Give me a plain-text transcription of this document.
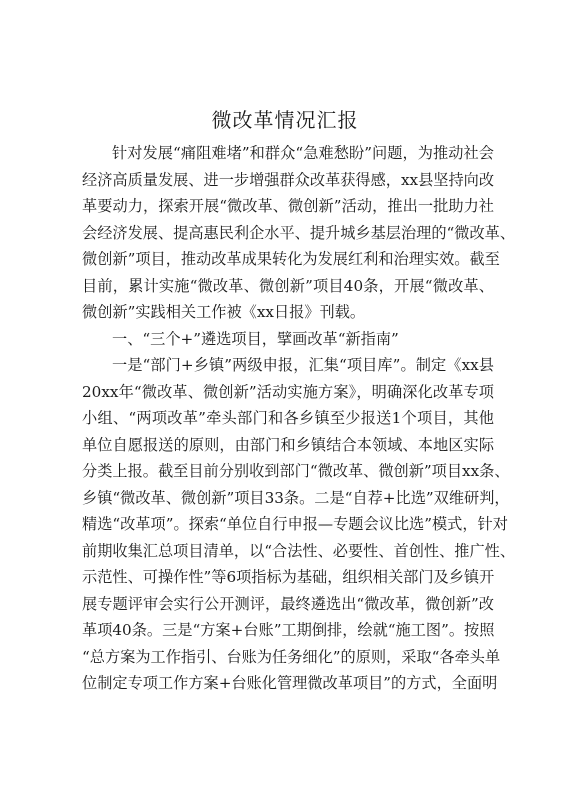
微改革情况汇报
针对发展“痛阻难堵”和群众“急难愁盼”问题，为推动社会
经济高质量发展、进一步增强群众改革获得感，xx县坚持向改
革要动力，探索开展“微改革、微创新”活动，推出一批助力社
会经济发展、提高惠民利企水平、提升城乡基层治理的“微改革、
微创新”项目，推动改革成果转化为发展红利和治理实效。截至
目前，累计实施“微改革、微创新”项目40条，开展“微改革、
微创新”实践相关工作被《xx日报》刊载。
一、“三个+”遴选项目，擘画改革“新指南”
一是“部门+乡镇”两级申报，汇集“项目库”。制定《xx县
20xx年“微改革、微创新”活动实施方案》，明确深化改革专项
小组、“两项改革”牵头部门和各乡镇至少报送1个项目，其他
单位自愿报送的原则，由部门和乡镇结合本领域、本地区实际
分类上报。截至目前分别收到部门“微改革、微创新”项目xx条、
乡镇“微改革、微创新”项目33条。二是“自荐+比选”双维研判，
精选“改革项”。探索“单位自行申报—专题会议比选”模式，针对
前期收集汇总项目清单，以“合法性、必要性、首创性、推广性、
示范性、可操作性”等6项指标为基础，组织相关部门及乡镇开
展专题评审会实行公开测评，最终遴选出“微改革，微创新”改
革项40条。三是“方案+台账”工期倒排，绘就“施工图”。按照
“总方案为工作指引、台账为任务细化”的原则，采取“各牵头单
位制定专项工作方案+台账化管理微改革项目”的方式，全面明
